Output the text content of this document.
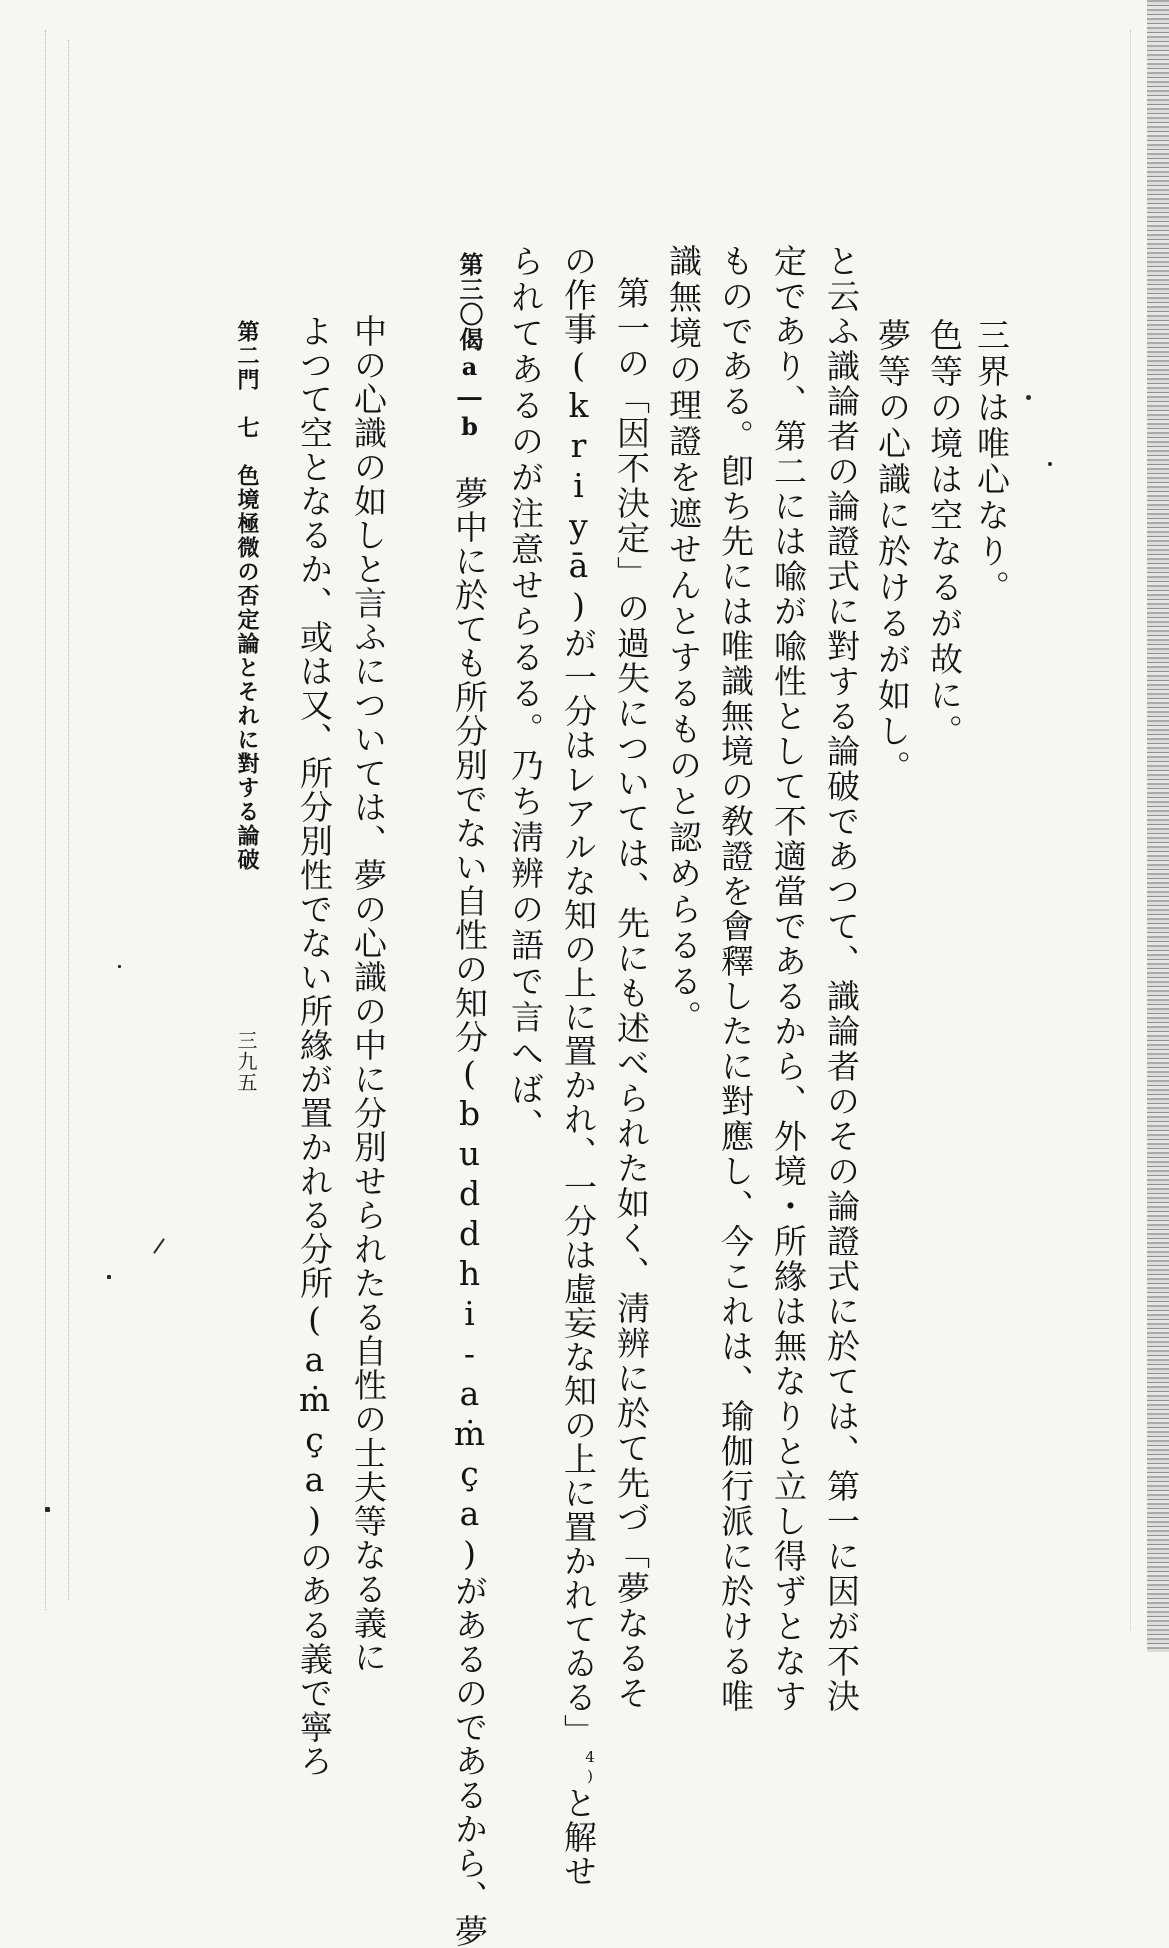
三界は唯心なり。
色等の境は空なるが故に。
夢等の心識に於けるが如し。
と云ふ識論者の論證式に對する論破であつて、識論者のその論證式に於ては、第一に因が不決
定であり、第二には喩が喩性として不適當であるから、外境・所緣は無なりと立し得ずとなす
ものである。卽ち先には唯識無境の敎證を會釋したに對應し、今これは、瑜伽行派に於ける唯
識無境の理證を遮せんとするものと認めらるる。
第一の「因不決定」の過失については、先にも述べられた如く、淸辨に於て先づ「夢なるそ
の作事(kriyā)が一分はレアルな知の上に置かれ、一分は虛妄な知の上に置かれてゐる」$^{4)}$と解せ
られてあるのが注意せらるる。乃ち淸辨の語で言へば、
第三〇偈a―b　夢中に於ても所分別でない自性の知分(buddhi-aṁça)があるのであるから、夢
中の心識の如しと言ふについては、夢の心識の中に分別せられたる自性の士夫等なる義に
よつて空となるか、或は又、所分別性でない所緣が置かれる分所(aṁça)のある義で寧ろ
第二門　七　色境極微の否定論とそれに對する論破
三九五
